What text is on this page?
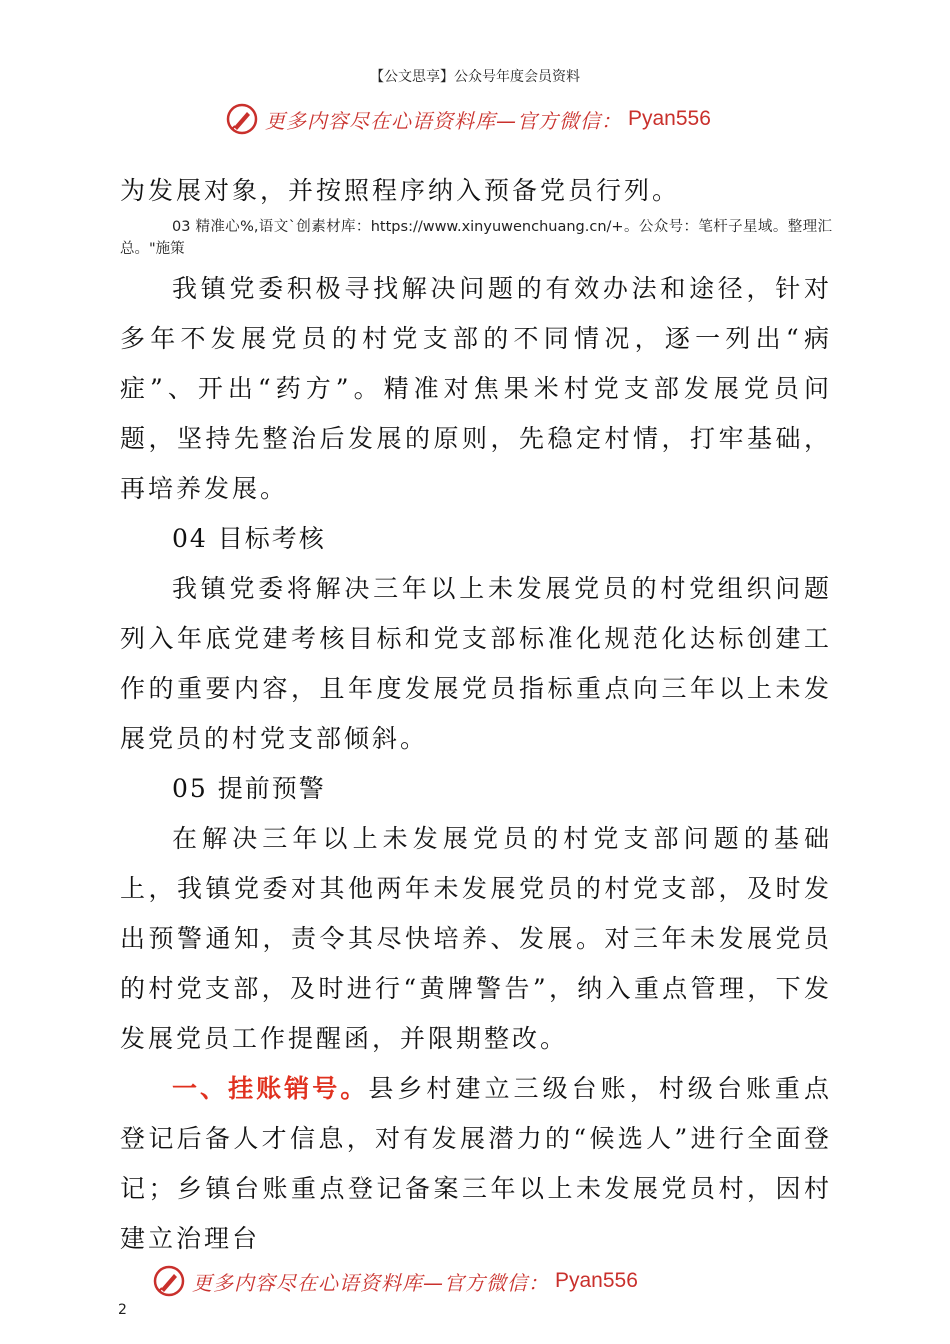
【公文思享】公众号年度会员资料
更多内容尽在心语资料库—官方微信： Pyan556

为发展对象，并按照程序纳入预备党员行列。

03 精准心%,语文`创素材库：https://www.xinyuwenchuang.cn/+。公众号：笔杆子星域。整理汇总。"施策

我镇党委积极寻找解决问题的有效办法和途径，针对多年不发展党员的村党支部的不同情况，逐一列出“病症”、开出“药方”。精准对焦果米村党支部发展党员问题，坚持先整治后发展的原则，先稳定村情，打牢基础，再培养发展。

04 目标考核

我镇党委将解决三年以上未发展党员的村党组织问题列入年底党建考核目标和党支部标准化规范化达标创建工作的重要内容，且年度发展党员指标重点向三年以上未发展党员的村党支部倾斜。

05 提前预警

在解决三年以上未发展党员的村党支部问题的基础上，我镇党委对其他两年未发展党员的村党支部，及时发出预警通知，责令其尽快培养、发展。对三年未发展党员的村党支部，及时进行“黄牌警告”，纳入重点管理，下发发展党员工作提醒函，并限期整改。

一、挂账销号。县乡村建立三级台账，村级台账重点登记后备人才信息，对有发展潜力的“候选人”进行全面登记；乡镇台账重点登记备案三年以上未发展党员村，因村建立治理台

更多内容尽在心语资料库—官方微信： Pyan556
2
